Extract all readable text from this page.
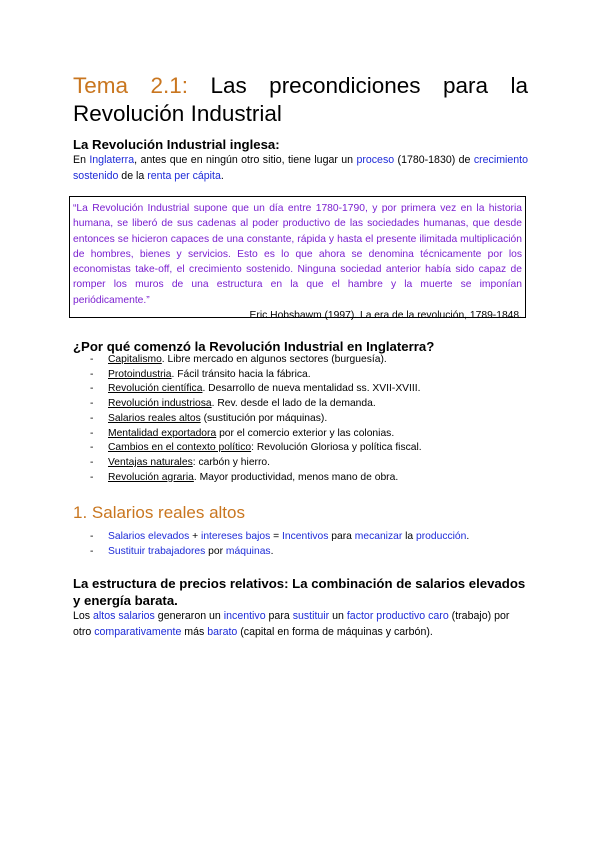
Tema 2.1: Las precondiciones para la Revolución Industrial
La Revolución Industrial inglesa:
En Inglaterra, antes que en ningún otro sitio, tiene lugar un proceso (1780-1830) de crecimiento sostenido de la renta per cápita.
“La Revolución Industrial supone que un día entre 1780-1790, y por primera vez en la historia humana, se liberó de sus cadenas al poder productivo de las sociedades humanas, que desde entonces se hicieron capaces de una constante, rápida y hasta el presente ilimitada multiplicación de hombres, bienes y servicios. Esto es lo que ahora se denomina técnicamente por los economistas take-off, el crecimiento sostenido. Ninguna sociedad anterior había sido capaz de romper los muros de una estructura en la que el hambre y la muerte se imponían periódicamente.”
Eric Hobsbawm (1997). La era de la revolución, 1789-1848.
¿Por qué comenzó la Revolución Industrial en Inglaterra?
- Capitalismo. Libre mercado en algunos sectores (burguesía).
- Protoindustria. Fácil tránsito hacia la fábrica.
- Revolución científica. Desarrollo de nueva mentalidad ss. XVII-XVIII.
- Revolución industriosa. Rev. desde el lado de la demanda.
- Salarios reales altos (sustitución por máquinas).
- Mentalidad exportadora por el comercio exterior y las colonias.
- Cambios en el contexto político: Revolución Gloriosa y política fiscal.
- Ventajas naturales: carbón y hierro.
- Revolución agraria. Mayor productividad, menos mano de obra.
1. Salarios reales altos
- Salarios elevados + intereses bajos = Incentivos para mecanizar la producción.
- Sustituir trabajadores por máquinas.
La estructura de precios relativos: La combinación de salarios elevados y energía barata.
Los altos salarios generaron un incentivo para sustituir un factor productivo caro (trabajo) por otro comparativamente más barato (capital en forma de máquinas y carbón).
